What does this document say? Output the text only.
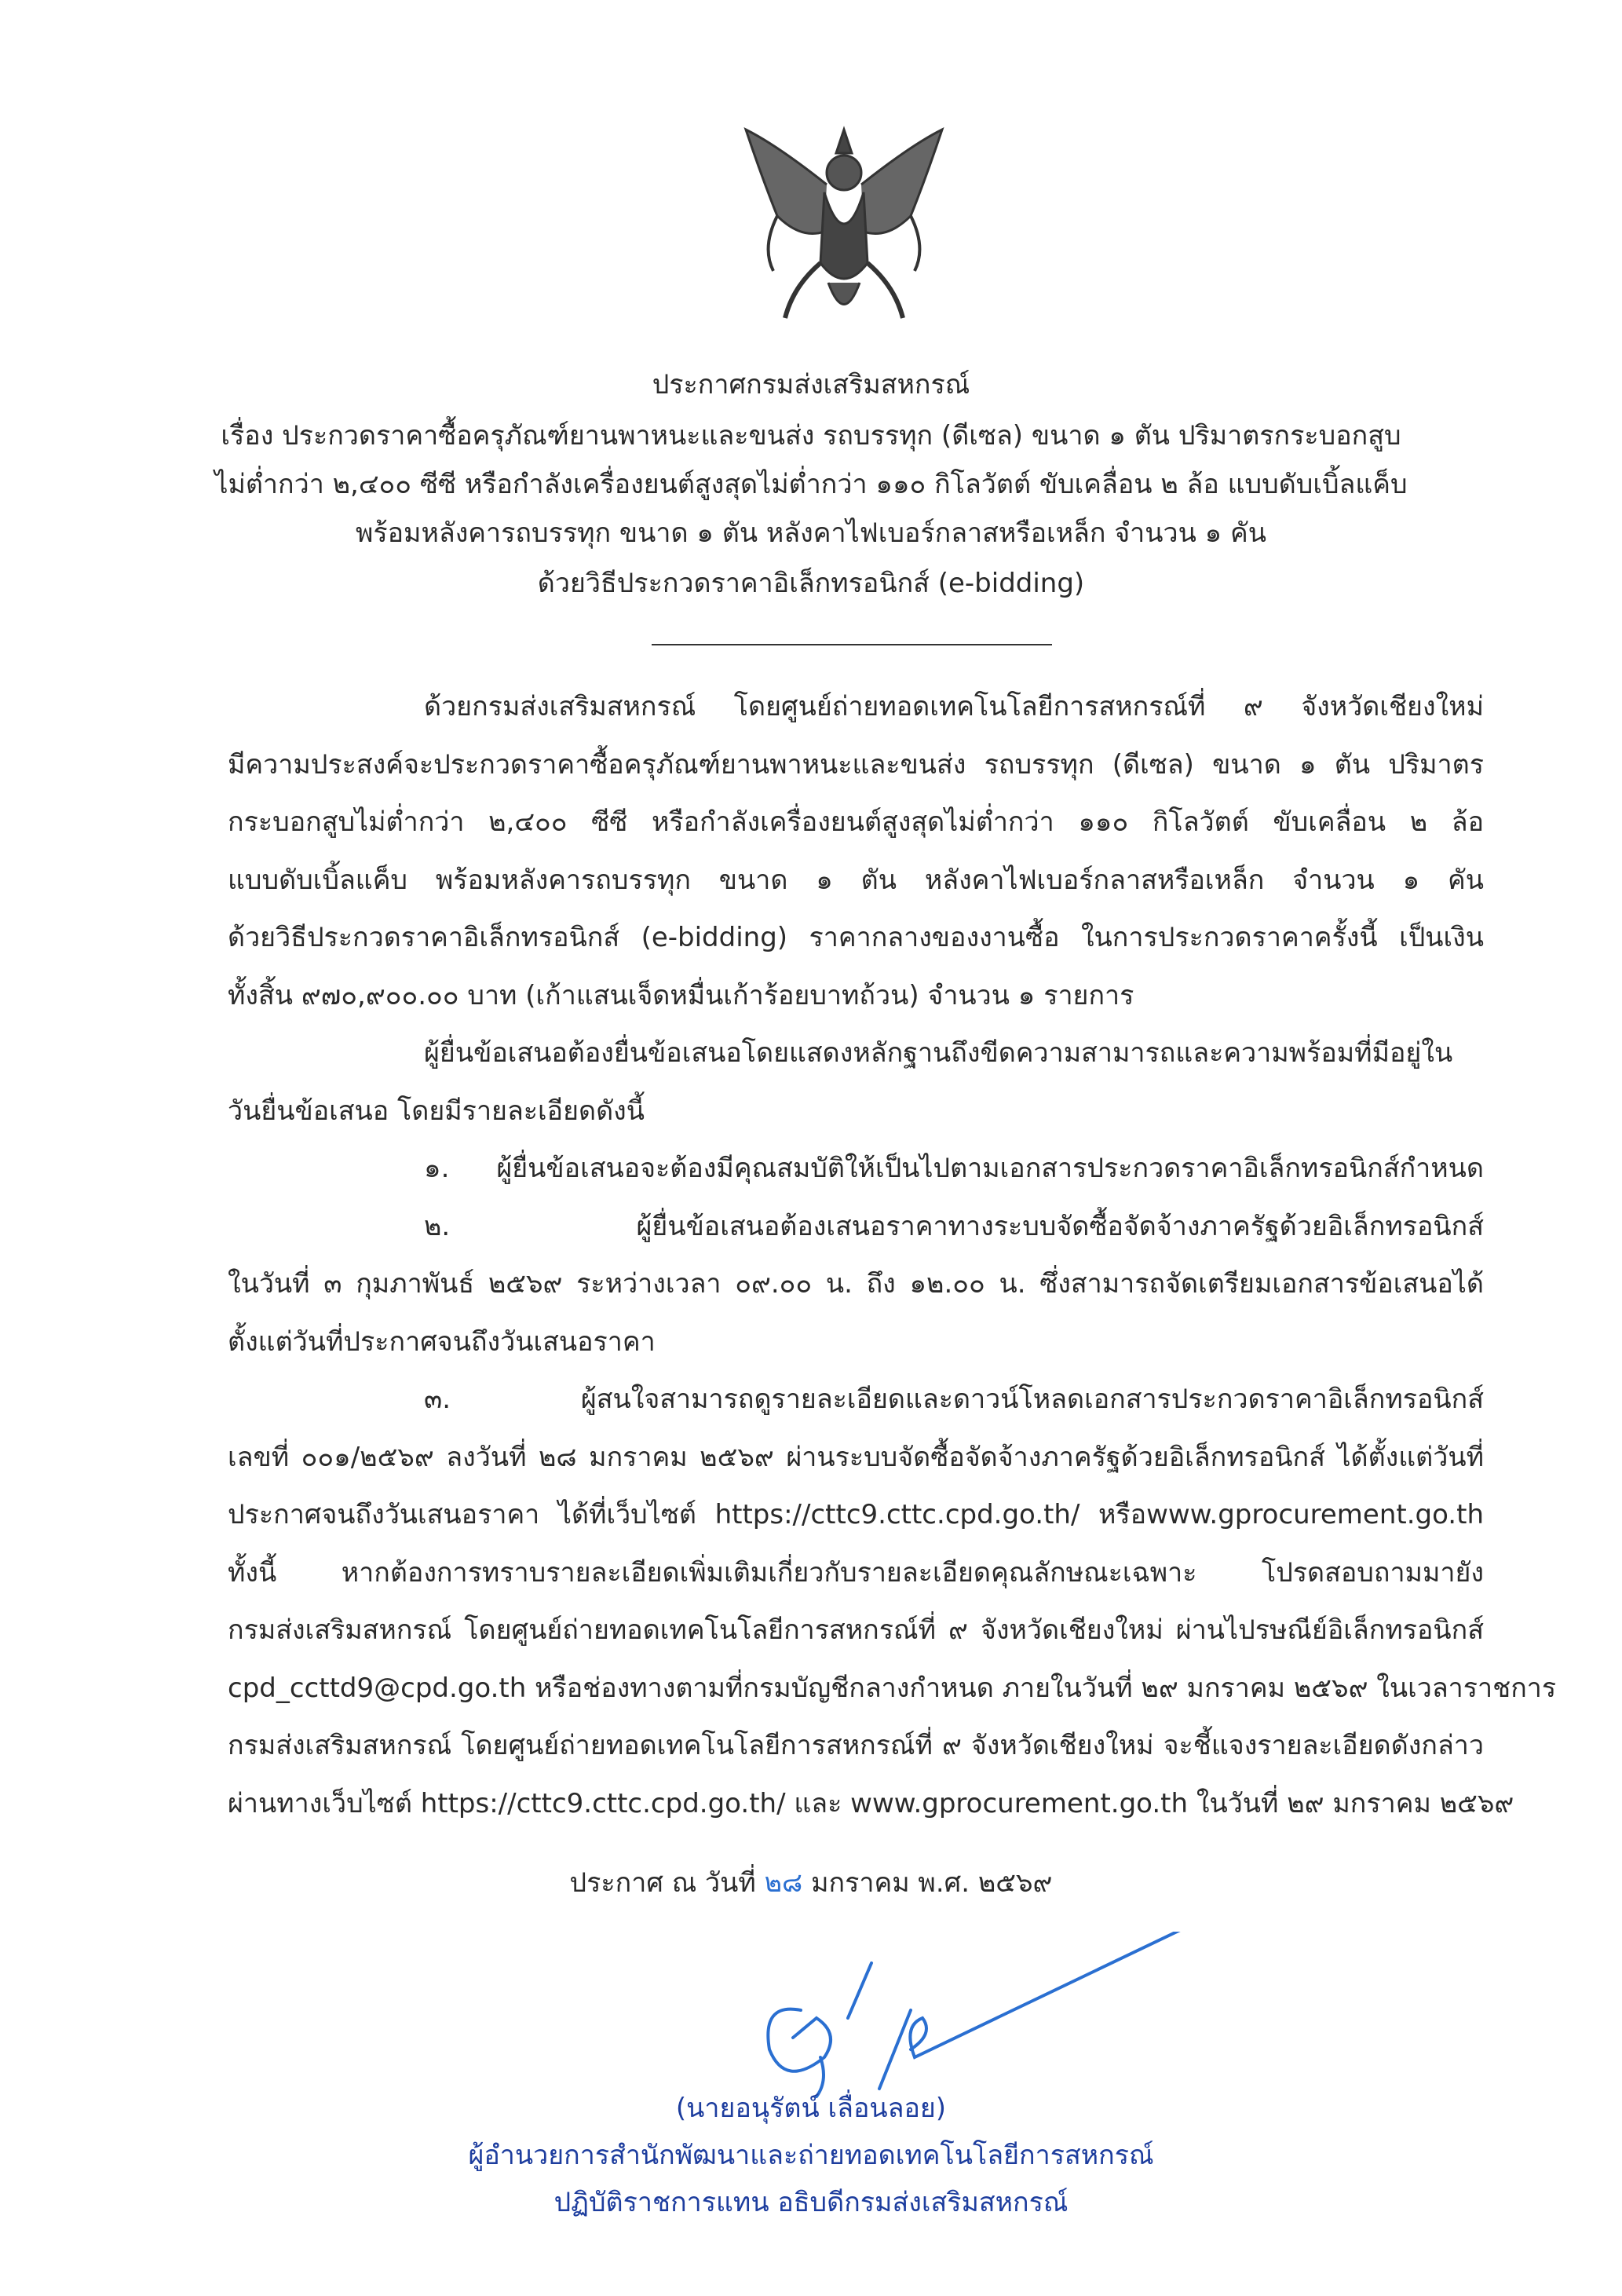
ประกาศกรมส่งเสริมสหกรณ์
เรื่อง ประกวดราคาซื้อครุภัณฑ์ยานพาหนะและขนส่ง รถบรรทุก (ดีเซล) ขนาด ๑ ตัน ปริมาตรกระบอกสูบ
ไม่ต่ำกว่า ๒,๔๐๐ ซีซี หรือกำลังเครื่องยนต์สูงสุดไม่ต่ำกว่า ๑๑๐ กิโลวัตต์ ขับเคลื่อน ๒ ล้อ แบบดับเบิ้ลแค็บ
พร้อมหลังคารถบรรทุก ขนาด ๑ ตัน หลังคาไฟเบอร์กลาสหรือเหล็ก จำนวน ๑ คัน
ด้วยวิธีประกวดราคาอิเล็กทรอนิกส์ (e-bidding)
ด้วยกรมส่งเสริมสหกรณ์ โดยศูนย์ถ่ายทอดเทคโนโลยีการสหกรณ์ที่ ๙ จังหวัดเชียงใหม่
มีความประสงค์จะประกวดราคาซื้อครุภัณฑ์ยานพาหนะและขนส่ง รถบรรทุก (ดีเซล) ขนาด ๑ ตัน ปริมาตร
กระบอกสูบไม่ต่ำกว่า ๒,๔๐๐ ซีซี หรือกำลังเครื่องยนต์สูงสุดไม่ต่ำกว่า ๑๑๐ กิโลวัตต์ ขับเคลื่อน ๒ ล้อ
แบบดับเบิ้ลแค็บ พร้อมหลังคารถบรรทุก ขนาด ๑ ตัน หลังคาไฟเบอร์กลาสหรือเหล็ก จำนวน ๑ คัน
ด้วยวิธีประกวดราคาอิเล็กทรอนิกส์ (e-bidding) ราคากลางของงานซื้อ ในการประกวดราคาครั้งนี้ เป็นเงิน
ทั้งสิ้น ๙๗๐,๙๐๐.๐๐ บาท (เก้าแสนเจ็ดหมื่นเก้าร้อยบาทถ้วน) จำนวน ๑ รายการ
ผู้ยื่นข้อเสนอต้องยื่นข้อเสนอโดยแสดงหลักฐานถึงขีดความสามารถและความพร้อมที่มีอยู่ใน
วันยื่นข้อเสนอ โดยมีรายละเอียดดังนี้
๑. ผู้ยื่นข้อเสนอจะต้องมีคุณสมบัติให้เป็นไปตามเอกสารประกวดราคาอิเล็กทรอนิกส์กำหนด
๒. ผู้ยื่นข้อเสนอต้องเสนอราคาทางระบบจัดซื้อจัดจ้างภาครัฐด้วยอิเล็กทรอนิกส์
ในวันที่ ๓ กุมภาพันธ์ ๒๕๖๙ ระหว่างเวลา ๐๙.๐๐ น. ถึง ๑๒.๐๐ น. ซึ่งสามารถจัดเตรียมเอกสารข้อเสนอได้
ตั้งแต่วันที่ประกาศจนถึงวันเสนอราคา
๓. ผู้สนใจสามารถดูรายละเอียดและดาวน์โหลดเอกสารประกวดราคาอิเล็กทรอนิกส์
เลขที่ ๐๐๑/๒๕๖๙ ลงวันที่ ๒๘ มกราคม ๒๕๖๙ ผ่านระบบจัดซื้อจัดจ้างภาครัฐด้วยอิเล็กทรอนิกส์ ได้ตั้งแต่วันที่
ประกาศจนถึงวันเสนอราคา ได้ที่เว็บไซต์ https://cttc9.cttc.cpd.go.th/ หรือwww.gprocurement.go.th
ทั้งนี้ หากต้องการทราบรายละเอียดเพิ่มเติมเกี่ยวกับรายละเอียดคุณลักษณะเฉพาะ โปรดสอบถามมายัง
กรมส่งเสริมสหกรณ์ โดยศูนย์ถ่ายทอดเทคโนโลยีการสหกรณ์ที่ ๙ จังหวัดเชียงใหม่ ผ่านไปรษณีย์อิเล็กทรอนิกส์
cpd_ccttd9@cpd.go.th หรือช่องทางตามที่กรมบัญชีกลางกำหนด ภายในวันที่ ๒๙ มกราคม ๒๕๖๙ ในเวลาราชการ
กรมส่งเสริมสหกรณ์ โดยศูนย์ถ่ายทอดเทคโนโลยีการสหกรณ์ที่ ๙ จังหวัดเชียงใหม่ จะชี้แจงรายละเอียดดังกล่าว
ผ่านทางเว็บไซต์ https://cttc9.cttc.cpd.go.th/ และ www.gprocurement.go.th ในวันที่ ๒๙ มกราคม ๒๕๖๙
ประกาศ ณ วันที่ ๒๘ มกราคม พ.ศ. ๒๕๖๙
(นายอนุรัตน์ เลื่อนลอย)
ผู้อำนวยการสำนักพัฒนาและถ่ายทอดเทคโนโลยีการสหกรณ์
ปฏิบัติราชการแทน อธิบดีกรมส่งเสริมสหกรณ์
